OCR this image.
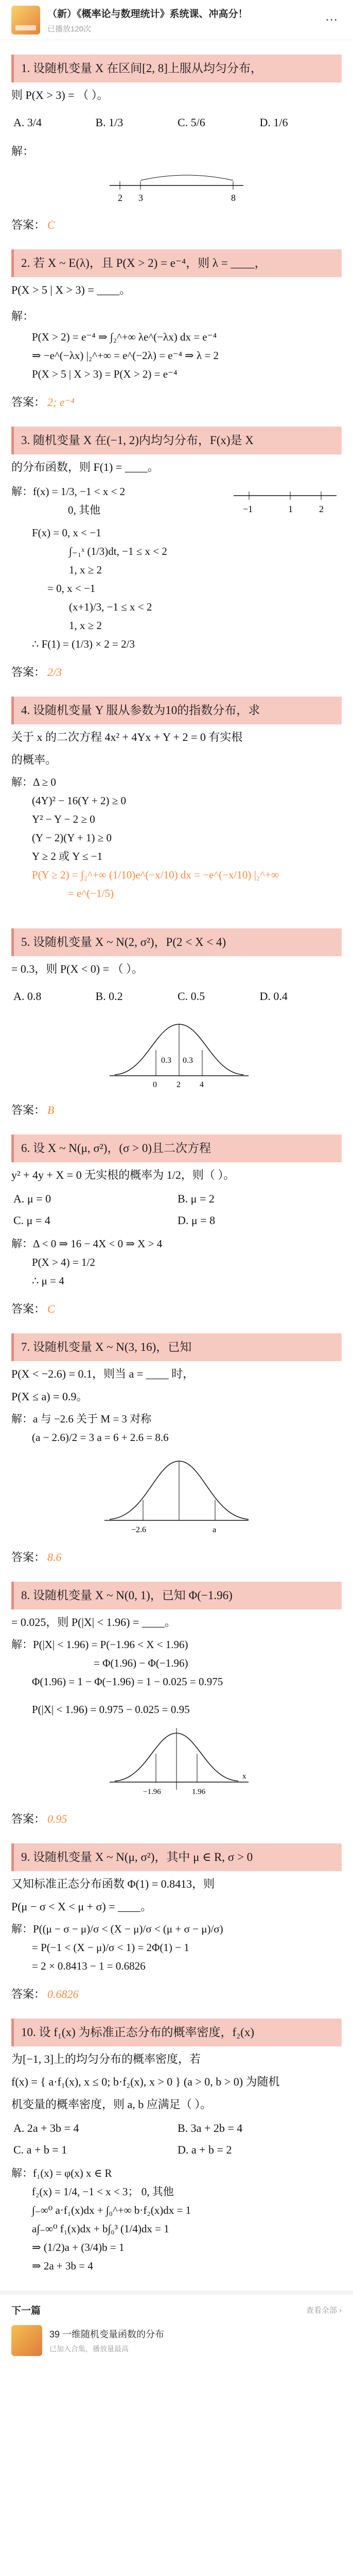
（新）《概率论与数理统计》系统课、冲高分！
已播放120次
⋯
1. 设随机变量 X 在区间[2, 8]上服从均匀分布，
则 P(X > 3) = （ ）。
A. 3/4	B. 1/3	C. 5/6	D. 1/6
解：
2 3	8
答案： C
2. 若 X ~ E(λ)，且 P(X > 2) = e⁻⁴，则 λ = ____，
P(X > 5 | X > 3) = ____。
解：
P(X > 2) = e⁻⁴ ⇒ ∫₂^+∞ λe^(−λx) dx = e⁻⁴
⇒ −e^(−λx) |₂^+∞ = e^(−2λ) = e⁻⁴ ⇒ λ = 2
P(X > 5 | X > 3) = P(X > 2) = e⁻⁴
答案： 2; e⁻⁴
3. 随机变量 X 在(−1, 2)内均匀分布，F(x)是 X
的分布函数，则 F(1) = ____。
解：f(x) = 1/3, −1 < x < 2
0, 其他	−1	1	2
F(x) = 0, x < −1
∫₋₁ˣ (1/3)dt, −1 ≤ x < 2
1, x ≥ 2
= 0, x < −1
(x+1)/3, −1 ≤ x < 2
1, x ≥ 2
∴ F(1) = (1/3) × 2 = 2/3
答案： 2/3
4. 设随机变量 Y 服从参数为10的指数分布，求
关于 x 的二次方程 4x² + 4Yx + Y + 2 = 0 有实根
的概率。
解：Δ ≥ 0
(4Y)² − 16(Y + 2) ≥ 0
Y² − Y − 2 ≥ 0
(Y − 2)(Y + 1) ≥ 0
Y ≥ 2 或 Y ≤ −1
P(Y ≥ 2) = ∫₂^+∞ (1/10)e^(−x/10) dx = −e^(−x/10) |₂^+∞
= e^(−1/5)
5. 设随机变量 X ~ N(2, σ²)，P(2 < X < 4)
= 0.3，则 P(X < 0) = （ ）。
A. 0.8	B. 0.2	C. 0.5	D. 0.4
0.3 0.3
0 2 4
答案： B
6. 设 X ~ N(μ, σ²)，(σ > 0)且二次方程
y² + 4y + X = 0 无实根的概率为 1/2，则（ ）。
A. μ = 0	B. μ = 2
C. μ = 4	D. μ = 8
解：Δ < 0 ⇒ 16 − 4X < 0 ⇒ X > 4
P(X > 4) = 1/2
∴ μ = 4
答案： C
7. 设随机变量 X ~ N(3, 16)，已知
P(X < −2.6) = 0.1，则当 a = ____ 时，
P(X ≤ a) = 0.9。
解：a 与 −2.6 关于 M = 3 对称
(a − 2.6)/2 = 3 a = 6 + 2.6 = 8.6
−2.6	a
答案： 8.6
8. 设随机变量 X ~ N(0, 1)，已知 Φ(−1.96)
= 0.025，则 P(|X| < 1.96) = ____。
解：P(|X| < 1.96) = P(−1.96 < X < 1.96)
= Φ(1.96) − Φ(−1.96)
Φ(1.96) = 1 − Φ(−1.96) = 1 − 0.025 = 0.975
P(|X| < 1.96) = 0.975 − 0.025 = 0.95
−1.96	1.96
x
答案： 0.95
9. 设随机变量 X ~ N(μ, σ²)，其中 μ ∈ R, σ > 0
又知标准正态分布函数 Φ(1) = 0.8413，则
P(μ − σ < X < μ + σ) = ____。
解：P((μ − σ − μ)/σ < (X − μ)/σ < (μ + σ − μ)/σ)
= P(−1 < (X − μ)/σ < 1) = 2Φ(1) − 1
= 2 × 0.8413 − 1 = 0.6826
答案： 0.6826
10. 设 f₁(x) 为标准正态分布的概率密度，f₂(x)
为[−1, 3]上的均匀分布的概率密度，若
f(x) = { a·f₁(x), x ≤ 0; b·f₂(x), x > 0 } (a > 0, b > 0) 为随机
机变量的概率密度，则 a, b 应满足（ ）。
A. 2a + 3b = 4	B. 3a + 2b = 4
C. a + b = 1	D. a + b = 2
解：f₁(x) = φ(x) x ∈ R
f₂(x) = 1/4, −1 < x < 3； 0, 其他
∫₋∞⁰ a·f₁(x)dx + ∫₀^+∞ b·f₂(x)dx = 1
a∫₋∞⁰ f₁(x)dx + b∫₀³ (1/4)dx = 1
⇒ (1/2)a + (3/4)b = 1
⇒ 2a + 3b = 4
下一篇	查看全部 ›
39 一维随机变量函数的分布
已加入合集，播放量最高
